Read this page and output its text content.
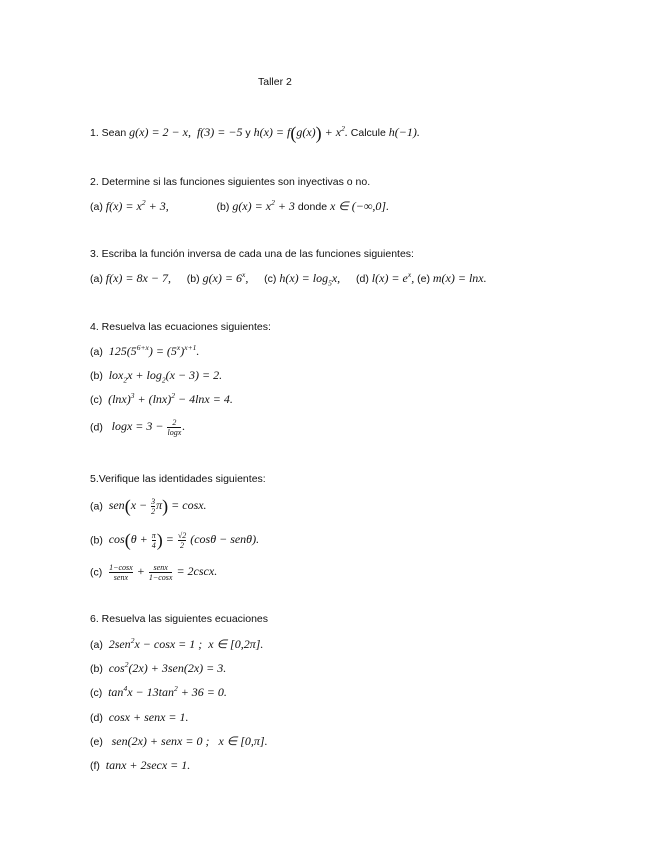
Taller 2
1. Sean g(x) = 2 − x,  f(3) = −5 y $h(x) = f(g(x)) + x^2$. Calcule h(−1).
2. Determine si las funciones siguientes son inyectivas o no.
(a) $f(x) = x^2 + 3$,	(b) $g(x) = x^2 + 3$ donde x ∈ (−∞,0].
3. Escriba la función inversa de cada una de las funciones siguientes:
(a) f(x) = 8x − 7, (b) $g(x) = 6^x$, (c) $h(x) = \log_5x$, (d) $l(x) = e^x$, (e) m(x) = lnx.
4. Resuelva las ecuaciones siguientes:
(a) $125(5^{6+x}) = (5^x)^{x+1}$.
(b) $lox_2x + \log_2(x - 3) = 2$.
(c) $(\ln x)^3 + (\ln x)^2 - 4\ln x = 4$.
(d) $\log x = 3 - \frac{2}{\log x}$ .
5.Verifique las identidades siguientes:
(a) $sen(x - \frac{3}{2} \pi) = \cos x$.
(b) $\cos(\theta + \frac{\pi}{4}$ ) = $\frac{√2}{2} (\cos\theta - sen\theta)$.
$(c) \frac{1-\cos x}{\text{senx}} + \frac{\text{senx}}{1-\cos x} = 2\csc x$.
6. Resuelva las siguientes ecuaciones
(a) 2sen$^2$x − cosx = 1 ;  x ∈ [0,2π].
(b) $\cos^2(2x) + 3sen(2x) = 3$.
(c) $\tan^4x - 13\tan^2 + 36 = 0$.
(d) cosx + senx = 1.
(e) sen(2x) + senx = 0 ;   x ∈ [0,π].
(f) tanx + 2secx = 1.
